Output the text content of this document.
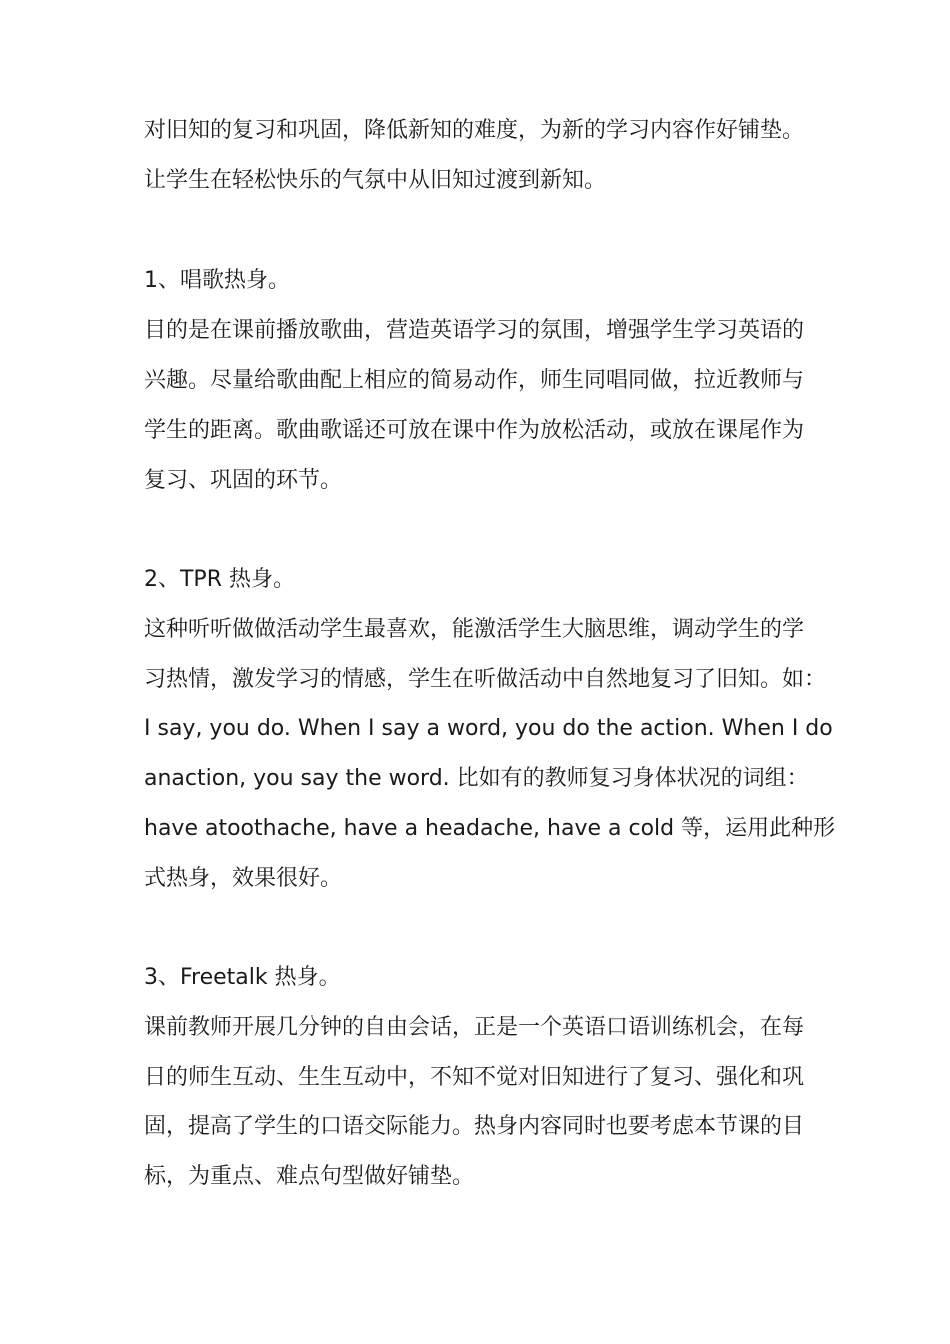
对旧知的复习和巩固，降低新知的难度，为新的学习内容作好铺垫。
让学生在轻松快乐的气氛中从旧知过渡到新知。
1、唱歌热身。
目的是在课前播放歌曲，营造英语学习的氛围，增强学生学习英语的
兴趣。尽量给歌曲配上相应的简易动作，师生同唱同做，拉近教师与
学生的距离。歌曲歌谣还可放在课中作为放松活动，或放在课尾作为
复习、巩固的环节。
2、TPR 热身。
这种听听做做活动学生最喜欢，能激活学生大脑思维，调动学生的学
习热情，激发学习的情感，学生在听做活动中自然地复习了旧知。如：
I say, you do. When I say a word, you do the action. When I do
anaction, you say the word. 比如有的教师复习身体状况的词组：
have atoothache, have a headache, have a cold 等，运用此种形
式热身，效果很好。
3、Freetalk 热身。
课前教师开展几分钟的自由会话，正是一个英语口语训练机会，在每
日的师生互动、生生互动中，不知不觉对旧知进行了复习、强化和巩
固，提高了学生的口语交际能力。热身内容同时也要考虑本节课的目
标，为重点、难点句型做好铺垫。
